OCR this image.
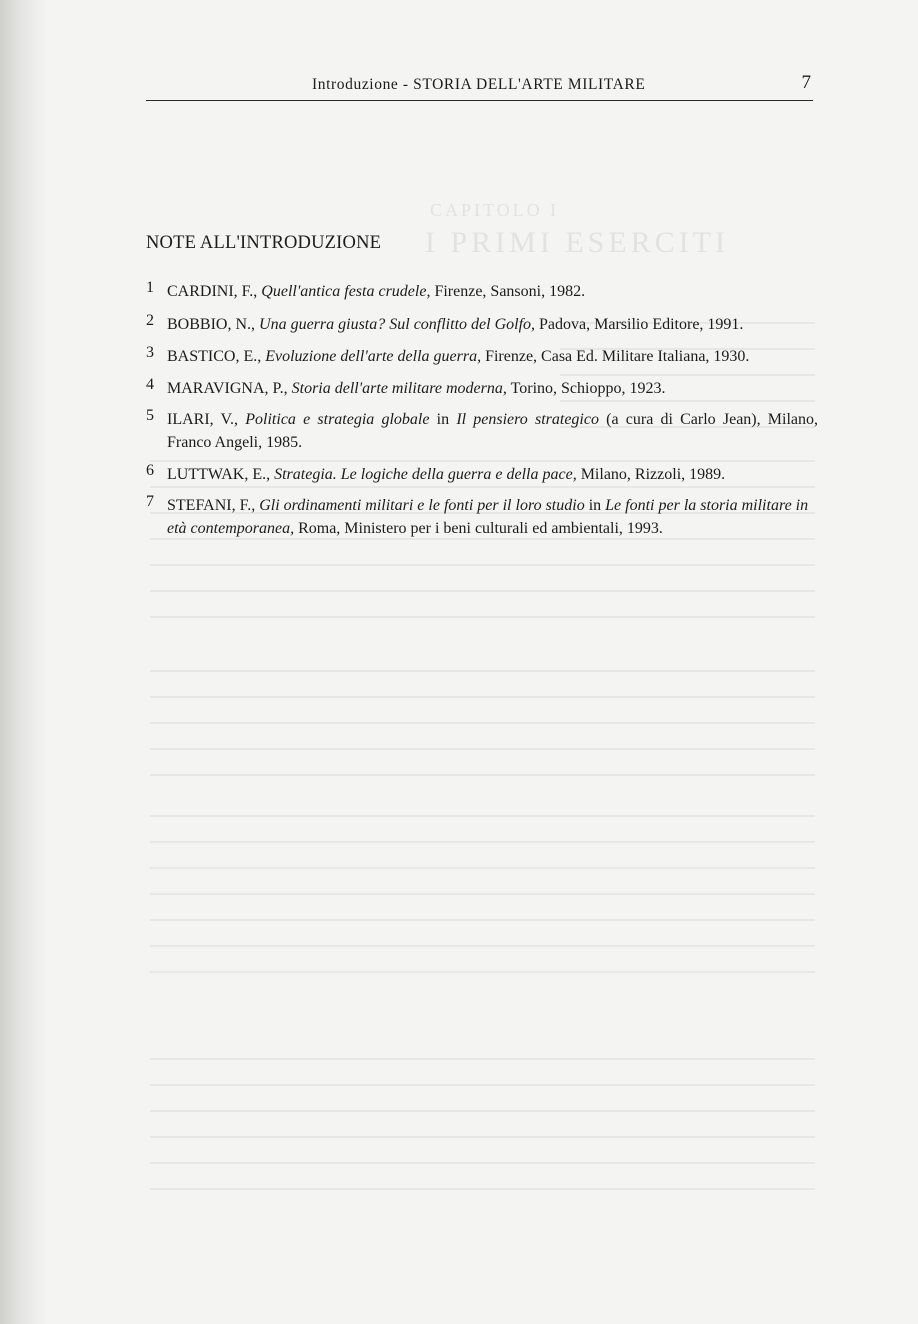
CAPITOLO I
I PRIMI ESERCITI
Introduzione - STORIA DELL'ARTE MILITARE	7
NOTE ALL'INTRODUZIONE
1 CARDINI, F., Quell'antica festa crudele, Firenze, Sansoni, 1982.
2 BOBBIO, N., Una guerra giusta? Sul conflitto del Golfo, Padova, Marsilio Editore, 1991.
3 BASTICO, E., Evoluzione dell'arte della guerra, Firenze, Casa Ed. Militare Italiana, 1930.
4 MARAVIGNA, P., Storia dell'arte militare moderna, Torino, Schioppo, 1923.
5 ILARI, V., Politica e strategia globale in Il pensiero strategico (a cura di Carlo Jean), Milano, Franco Angeli, 1985.
6 LUTTWAK, E., Strategia. Le logiche della guerra e della pace, Milano, Rizzoli, 1989.
7 STEFANI, F., Gli ordinamenti militari e le fonti per il loro studio in Le fonti per la storia militare in età contemporanea, Roma, Ministero per i beni culturali ed ambientali, 1993.
